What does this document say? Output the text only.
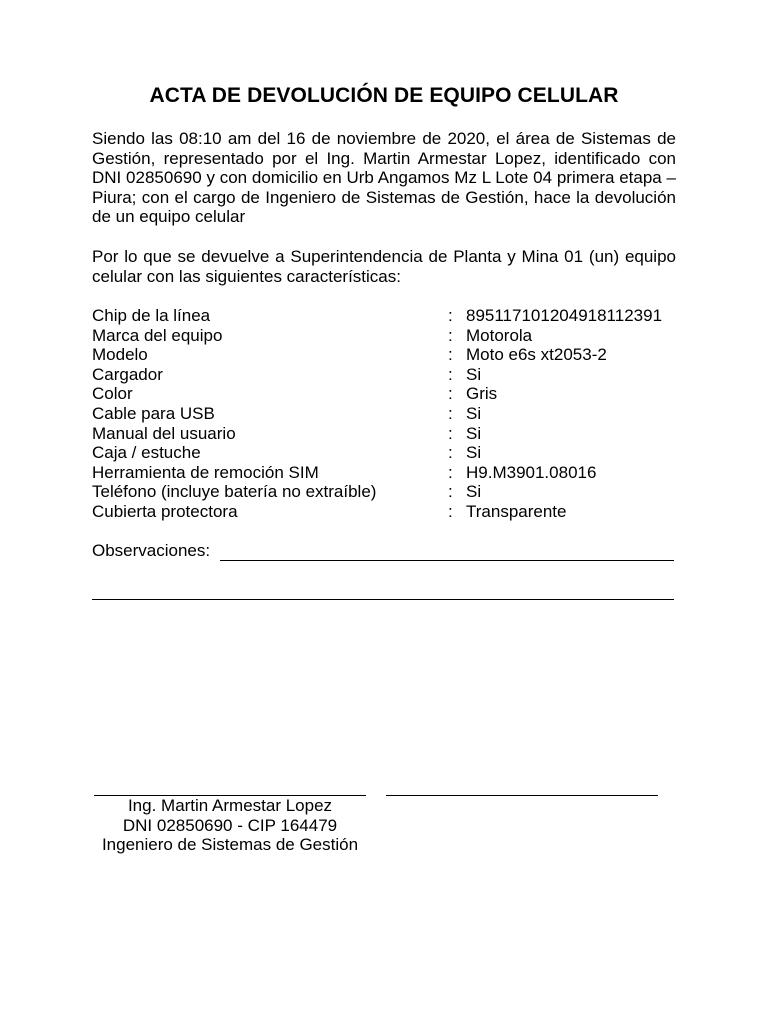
ACTA DE DEVOLUCIÓN DE EQUIPO CELULAR

Siendo las 08:10 am del 16 de noviembre de 2020, el área de Sistemas de Gestión, representado por el Ing. Martin Armestar Lopez, identificado con DNI 02850690 y con domicilio en Urb Angamos Mz L Lote 04 primera etapa – Piura; con el cargo de Ingeniero de Sistemas de Gestión, hace la devolución de un equipo celular

Por lo que se devuelve a Superintendencia de Planta y Mina 01 (un) equipo celular con las siguientes características:

Chip de la línea	: 895117101204918112391
Marca del equipo	: Motorola
Modelo	: Moto e6s xt2053-2
Cargador	: Si
Color	: Gris
Cable para USB	: Si
Manual del usuario	: Si
Caja / estuche	: Si
Herramienta de remoción SIM	: H9.M3901.08016
Teléfono (incluye batería no extraíble)	: Si
Cubierta protectora	: Transparente
Observaciones:
Ing. Martin Armestar Lopez
DNI 02850690 - CIP 164479
Ingeniero de Sistemas de Gestión
